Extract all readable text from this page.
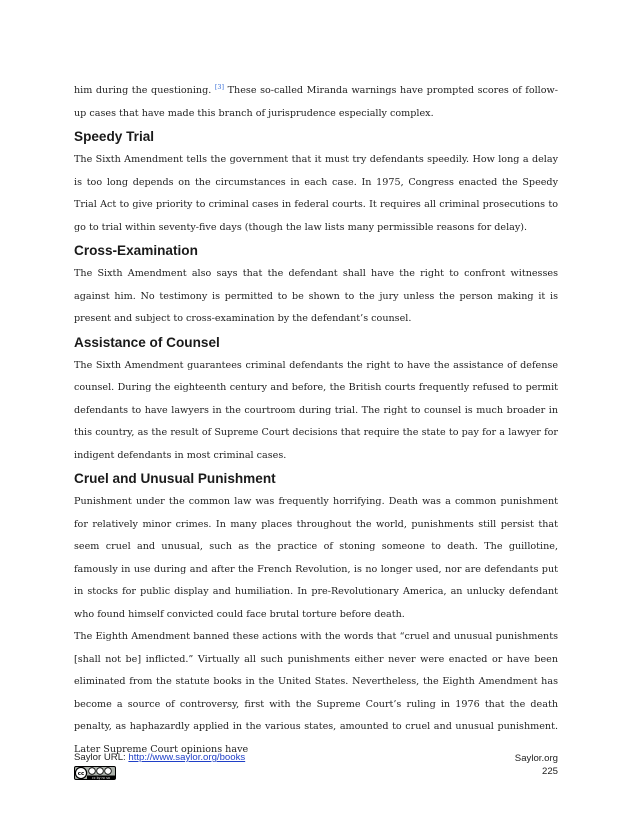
him during the questioning. [3] These so-called Miranda warnings have prompted scores of follow-up cases that have made this branch of jurisprudence especially complex.

Speedy Trial

The Sixth Amendment tells the government that it must try defendants speedily. How long a delay is too long depends on the circumstances in each case. In 1975, Congress enacted the Speedy Trial Act to give priority to criminal cases in federal courts. It requires all criminal prosecutions to go to trial within seventy-five days (though the law lists many permissible reasons for delay).

Cross-Examination

The Sixth Amendment also says that the defendant shall have the right to confront witnesses against him. No testimony is permitted to be shown to the jury unless the person making it is present and subject to cross-examination by the defendant’s counsel.

Assistance of Counsel

The Sixth Amendment guarantees criminal defendants the right to have the assistance of defense counsel. During the eighteenth century and before, the British courts frequently refused to permit defendants to have lawyers in the courtroom during trial. The right to counsel is much broader in this country, as the result of Supreme Court decisions that require the state to pay for a lawyer for indigent defendants in most criminal cases.

Cruel and Unusual Punishment

Punishment under the common law was frequently horrifying. Death was a common punishment for relatively minor crimes. In many places throughout the world, punishments still persist that seem cruel and unusual, such as the practice of stoning someone to death. The guillotine, famously in use during and after the French Revolution, is no longer used, nor are defendants put in stocks for public display and humiliation. In pre-Revolutionary America, an unlucky defendant who found himself convicted could face brutal torture before death.

The Eighth Amendment banned these actions with the words that “cruel and unusual punishments [shall not be] inflicted.” Virtually all such punishments either never were enacted or have been eliminated from the statute books in the United States. Nevertheless, the Eighth Amendment has become a source of controversy, first with the Supreme Court’s ruling in 1976 that the death penalty, as haphazardly applied in the various states, amounted to cruel and unusual punishment. Later Supreme Court opinions have

Saylor URL: http://www.saylor.org/books
cc
cc by nc sa
Saylor.org
225
